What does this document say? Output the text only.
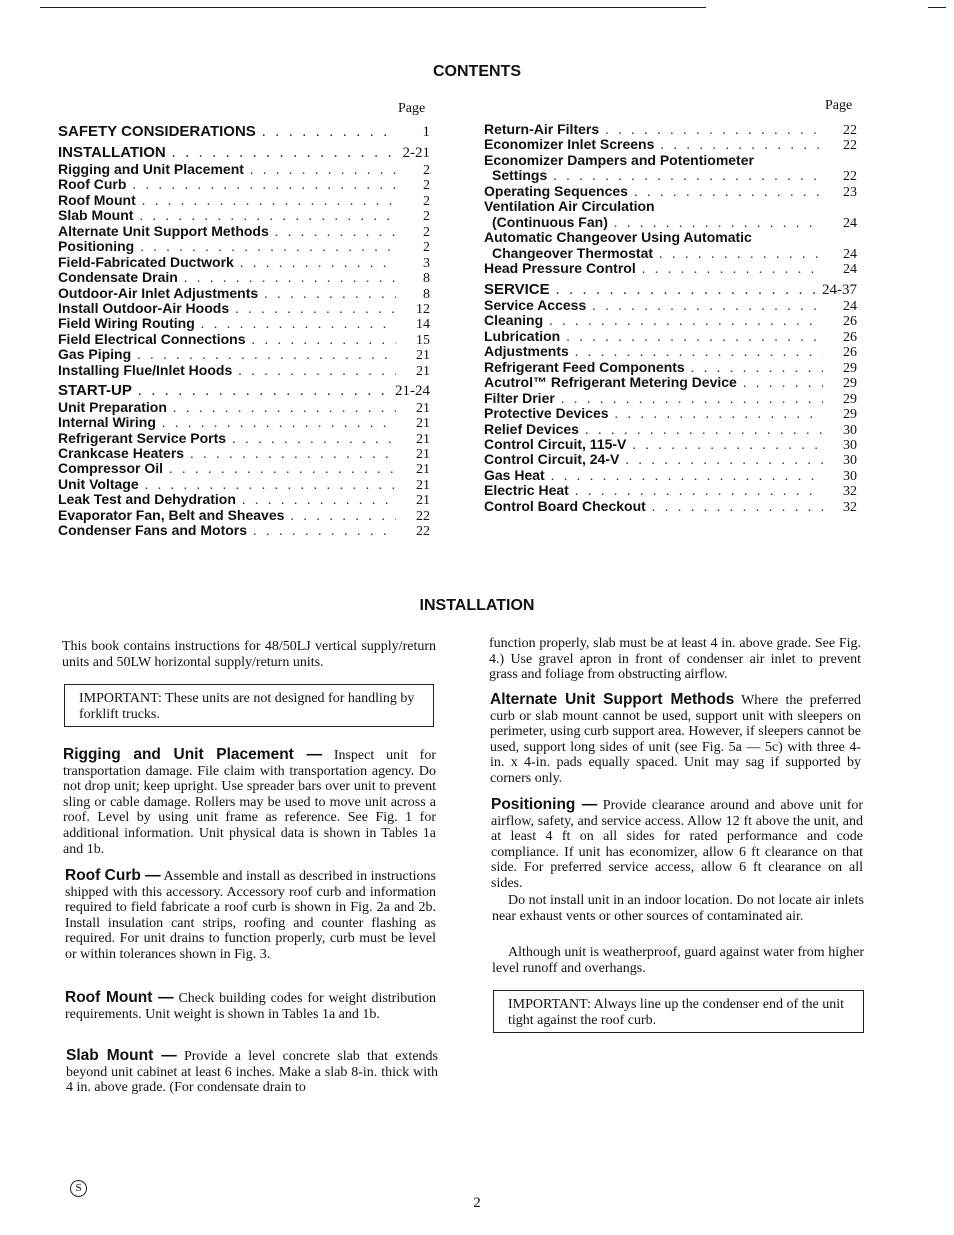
CONTENTS
Page	Page
SAFETY CONSIDERATIONS . . .	1
INSTALLATION . . .	2-21
Rigging and Unit Placement . . .	2
Roof Curb . . .	2
Roof Mount . . .	2
Slab Mount . . .	2
Alternate Unit Support Methods . . .	2
Positioning . . .	2
Field-Fabricated Ductwork . . .	3
Condensate Drain . . .	8
Outdoor-Air Inlet Adjustments . . .	8
Install Outdoor-Air Hoods . . .	12
Field Wiring Routing . . .	14
Field Electrical Connections . . .	15
Gas Piping . . .	21
Installing Flue/Inlet Hoods . . .	21
START-UP . . .	21-24
Unit Preparation . . .	21
Internal Wiring . . .	21
Refrigerant Service Ports . . .	21
Crankcase Heaters . . .	21
Compressor Oil . . .	21
Unit Voltage . . .	21
Leak Test and Dehydration . . .	21
Evaporator Fan, Belt and Sheaves . . .	22
Condenser Fans and Motors . . .	22
Return-Air Filters . . .	22
Economizer Inlet Screens . . .	22
Economizer Dampers and Potentiometer
Settings . . .	22
Operating Sequences . . .	23
Ventilation Air Circulation
(Continuous Fan) . . .	24
Automatic Changeover Using Automatic
Changeover Thermostat . . .	24
Head Pressure Control . . .	24
SERVICE . . .	24-37
Service Access . . .	24
Cleaning . . .	26
Lubrication . . .	26
Adjustments . . .	26
Refrigerant Feed Components . . .	29
Acutrol™ Refrigerant Metering Device . . .	29
Filter Drier . . .	29
Protective Devices . . .	29
Relief Devices . . .	30
Control Circuit, 115-V . . .	30
Control Circuit, 24-V . . .	30
Gas Heat . . .	30
Electric Heat . . .	32
Control Board Checkout . . .	32
INSTALLATION
This book contains instructions for 48/50LJ vertical supply/return units and 50LW horizontal supply/return units.
IMPORTANT: These units are not designed for handling by forklift trucks.

Rigging and Unit Placement — Inspect unit for transportation damage. File claim with transportation agency. Do not drop unit; keep upright. Use spreader bars over unit to prevent sling or cable damage. Rollers may be used to move unit across a roof. Level by using unit frame as reference. See Fig. 1 for additional information. Unit physical data is shown in Tables 1a and 1b.

Roof Curb — Assemble and install as described in instructions shipped with this accessory. Accessory roof curb and information required to field fabricate a roof curb is shown in Fig. 2a and 2b. Install insulation cant strips, roofing and counter flashing as required. For unit drains to function properly, curb must be level or within tolerances shown in Fig. 3.

Roof Mount — Check building codes for weight distribution requirements. Unit weight is shown in Tables 1a and 1b.

Slab Mount — Provide a level concrete slab that extends beyond unit cabinet at least 6 inches. Make a slab 8-in. thick with 4 in. above grade. (For condensate drain to

function properly, slab must be at least 4 in. above grade. See Fig. 4.) Use gravel apron in front of condenser air inlet to prevent grass and foliage from obstructing airflow.

Alternate Unit Support Methods Where the preferred curb or slab mount cannot be used, support unit with sleepers on perimeter, using curb support area. However, if sleepers cannot be used, support long sides of unit (see Fig. 5a — 5c) with three 4-in. x 4-in. pads equally spaced. Unit may sag if supported by corners only.

Positioning — Provide clearance around and above unit for airflow, safety, and service access. Allow 12 ft above the unit, and at least 4 ft on all sides for rated performance and code compliance. If unit has economizer, allow 6 ft clearance on that side. For preferred service access, allow 6 ft clearance on all sides.

Do not install unit in an indoor location. Do not locate air inlets near exhaust vents or other sources of contaminated air.
Although unit is weatherproof, guard against water from higher level runoff and overhangs.
IMPORTANT: Always line up the condenser end of the unit tight against the roof curb.
S
2
